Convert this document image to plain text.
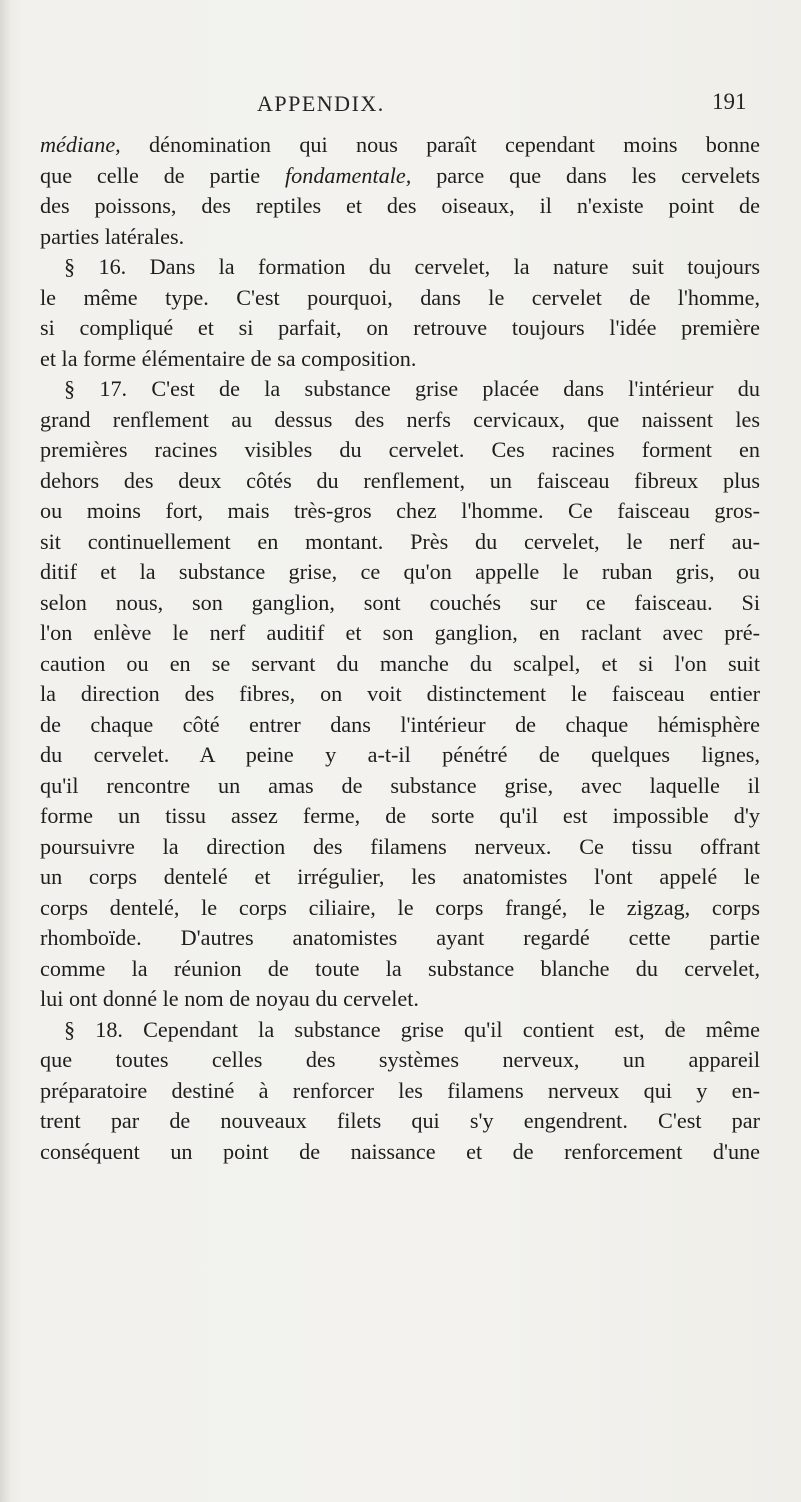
APPENDIX.	191
médiane, dénomination qui nous paraît cependant moins bonne
que celle de partie fondamentale, parce que dans les cervelets
des poissons, des reptiles et des oiseaux, il n'existe point de
parties latérales.
§ 16. Dans la formation du cervelet, la nature suit toujours
le même type. C'est pourquoi, dans le cervelet de l'homme,
si compliqué et si parfait, on retrouve toujours l'idée première
et la forme élémentaire de sa composition.
§ 17. C'est de la substance grise placée dans l'intérieur du
grand renflement au dessus des nerfs cervicaux, que naissent les
premières racines visibles du cervelet. Ces racines forment en
dehors des deux côtés du renflement, un faisceau fibreux plus
ou moins fort, mais très-gros chez l'homme. Ce faisceau gros-
sit continuellement en montant. Près du cervelet, le nerf au-
ditif et la substance grise, ce qu'on appelle le ruban gris, ou
selon nous, son ganglion, sont couchés sur ce faisceau. Si
l'on enlève le nerf auditif et son ganglion, en raclant avec pré-
caution ou en se servant du manche du scalpel, et si l'on suit
la direction des fibres, on voit distinctement le faisceau entier
de chaque côté entrer dans l'intérieur de chaque hémisphère
du cervelet. A peine y a-t-il pénétré de quelques lignes,
qu'il rencontre un amas de substance grise, avec laquelle il
forme un tissu assez ferme, de sorte qu'il est impossible d'y
poursuivre la direction des filamens nerveux. Ce tissu offrant
un corps dentelé et irrégulier, les anatomistes l'ont appelé le
corps dentelé, le corps ciliaire, le corps frangé, le zigzag, corps
rhomboïde. D'autres anatomistes ayant regardé cette partie
comme la réunion de toute la substance blanche du cervelet,
lui ont donné le nom de noyau du cervelet.
§ 18. Cependant la substance grise qu'il contient est, de même
que toutes celles des systèmes nerveux, un appareil
préparatoire destiné à renforcer les filamens nerveux qui y en-
trent par de nouveaux filets qui s'y engendrent. C'est par
conséquent un point de naissance et de renforcement d'une
